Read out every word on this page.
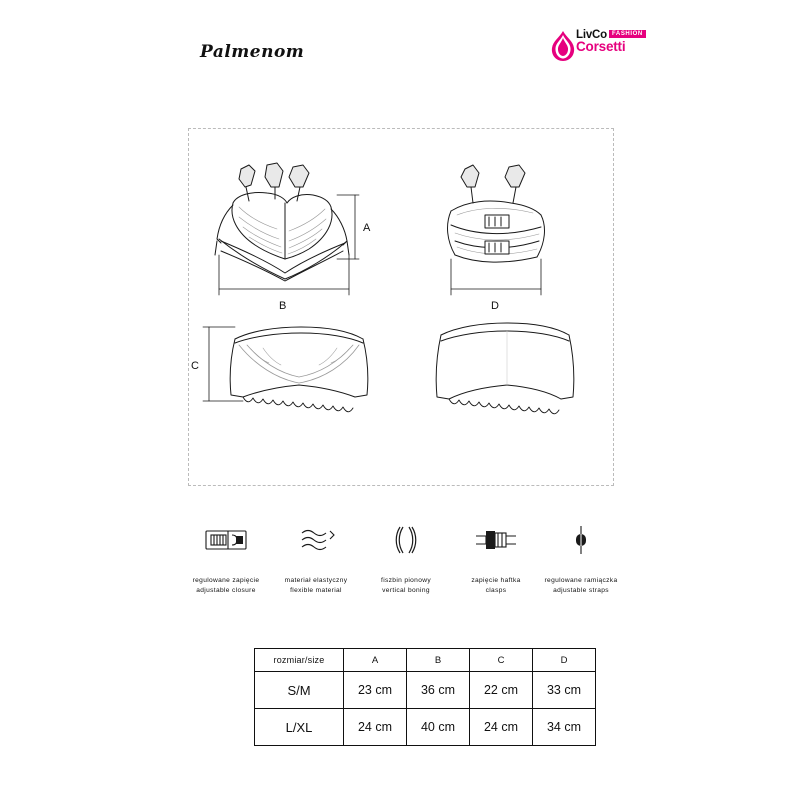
Palmenom
LivCo $^{FASHION}$
Corsetti
A
B	D
C
regulowane zapięcie
adjustable closure
materiał elastyczny
flexible material
fiszbin pionowy
vertical boning
zapięcie haftka
clasps
regulowane ramiączka
adjustable straps
rozmiar/size	A	B	C	D
S/M	23 cm	36 cm	22 cm	33 cm
L/XL	24 cm	40 cm	24 cm	34 cm
